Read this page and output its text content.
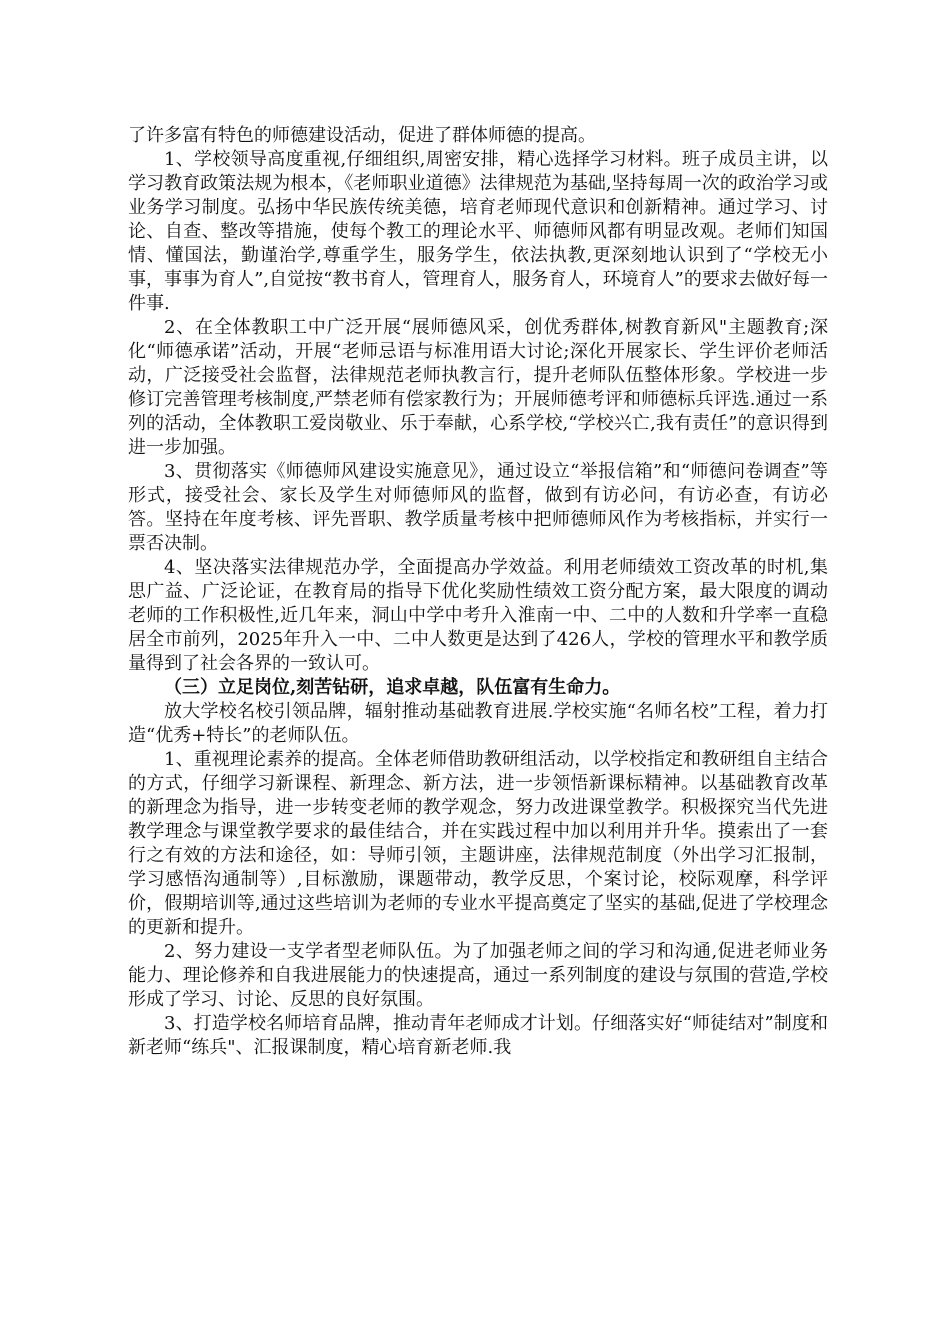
了许多富有特色的师德建设活动，促进了群体师德的提高。

1、学校领导高度重视,仔细组织,周密安排，精心选择学习材料。班子成员主讲，以学习教育政策法规为根本，《老师职业道德》法律规范为基础,坚持每周一次的政治学习或业务学习制度。弘扬中华民族传统美德，培育老师现代意识和创新精神。通过学习、讨论、自查、整改等措施，使每个教工的理论水平、师德师风都有明显改观。老师们知国情、懂国法，勤谨治学,尊重学生，服务学生，依法执教,更深刻地认识到了“学校无小事，事事为育人”,自觉按“教书育人，管理育人，服务育人，环境育人”的要求去做好每一件事.

2、在全体教职工中广泛开展“展师德风采，创优秀群体,树教育新风"主题教育;深化“师德承诺”活动，开展“老师忌语与标准用语大讨论;深化开展家长、学生评价老师活动，广泛接受社会监督，法律规范老师执教言行，提升老师队伍整体形象。学校进一步修订完善管理考核制度,严禁老师有偿家教行为；开展师德考评和师德标兵评选.通过一系列的活动，全体教职工爱岗敬业、乐于奉献，心系学校,“学校兴亡,我有责任”的意识得到进一步加强。

3、贯彻落实《师德师风建设实施意见》，通过设立“举报信箱”和“师德问卷调查”等形式，接受社会、家长及学生对师德师风的监督，做到有访必问，有访必查，有访必答。坚持在年度考核、评先晋职、教学质量考核中把师德师风作为考核指标，并实行一票否决制。

4、坚决落实法律规范办学，全面提高办学效益。利用老师绩效工资改革的时机,集思广益、广泛论证，在教育局的指导下优化奖励性绩效工资分配方案，最大限度的调动老师的工作积极性,近几年来，洞山中学中考升入淮南一中、二中的人数和升学率一直稳居全市前列，2025年升入一中、二中人数更是达到了426人，学校的管理水平和教学质量得到了社会各界的一致认可。

（三）立足岗位,刻苦钻研，追求卓越，队伍富有生命力。

放大学校名校引领品牌，辐射推动基础教育进展.学校实施“名师名校”工程，着力打造“优秀+特长”的老师队伍。

1、重视理论素养的提高。全体老师借助教研组活动，以学校指定和教研组自主结合的方式，仔细学习新课程、新理念、新方法，进一步领悟新课标精神。以基础教育改革的新理念为指导，进一步转变老师的教学观念，努力改进课堂教学。积极探究当代先进教学理念与课堂教学要求的最佳结合，并在实践过程中加以利用并升华。摸索出了一套行之有效的方法和途径，如：导师引领，主题讲座，法律规范制度（外出学习汇报制，学习感悟沟通制等）,目标激励，课题带动，教学反思，个案讨论，校际观摩，科学评价，假期培训等,通过这些培训为老师的专业水平提高奠定了坚实的基础,促进了学校理念的更新和提升。

2、努力建设一支学者型老师队伍。为了加强老师之间的学习和沟通,促进老师业务能力、理论修养和自我进展能力的快速提高，通过一系列制度的建设与氛围的营造,学校形成了学习、讨论、反思的良好氛围。

3、打造学校名师培育品牌，推动青年老师成才计划。仔细落实好“师徒结对”制度和新老师“练兵"、汇报课制度，精心培育新老师.我
